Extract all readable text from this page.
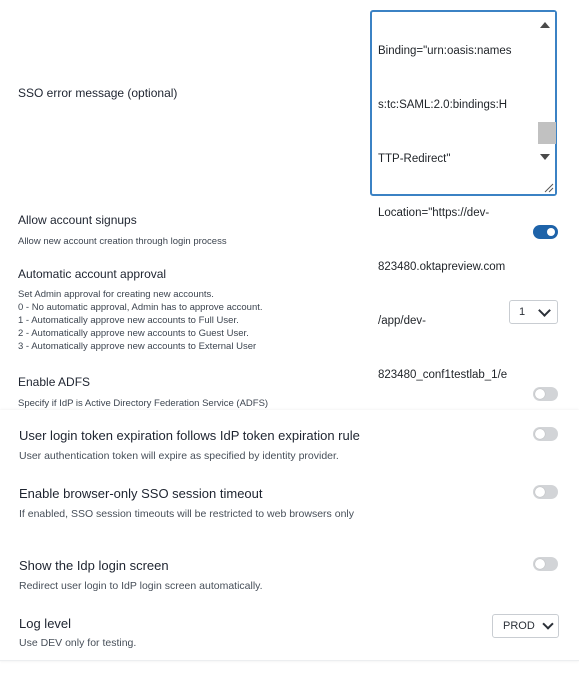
SSO error message (optional)

Binding="urn:oasis:names

s:tc:SAML:2.0:bindings:H

TTP-Redirect"

Location="https://dev-

823480.oktapreview.com

/app/dev-

823480_conf1testlab_1/e

Allow account signups
Allow new account creation through login process
Automatic account approval
Set Admin approval for creating new accounts.
0 - No automatic approval, Admin has to approve account.
1 - Automatically approve new accounts to Full User.
2 - Automatically approve new accounts to Guest User.
3 - Automatically approve new accounts to External User
1
Enable ADFS
Specify if IdP is Active Directory Federation Service (ADFS)
User login token expiration follows IdP token expiration rule
User authentication token will expire as specified by identity provider.
Enable browser-only SSO session timeout
If enabled, SSO session timeouts will be restricted to web browsers only
Show the Idp login screen
Redirect user login to IdP login screen automatically.
Log level
Use DEV only for testing.
PROD
